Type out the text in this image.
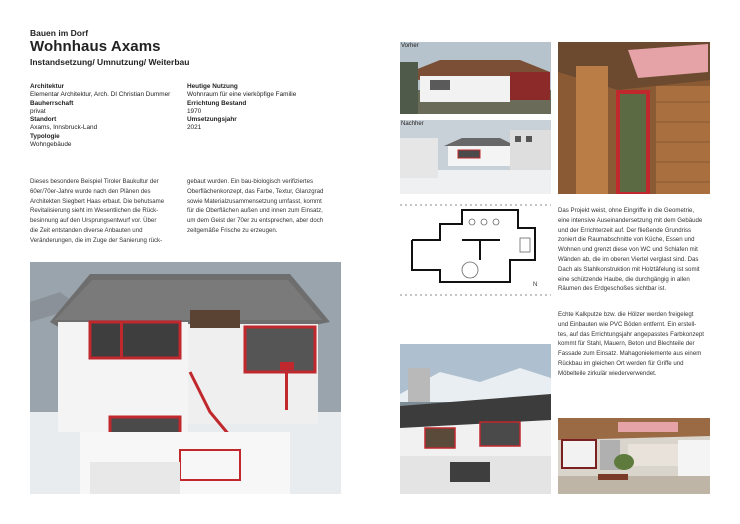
Bauen im Dorf
Wohnhaus Axams
Instandsetzung/ Umnutzung/ Weiterbau
Architektur
Elementar Architektur, Arch. DI Christian Dummer
Bauherrschaft
privat
Standort
Axams, Innsbruck-Land
Typologie
Wohngebäude
Heutige Nutzung
Wohnraum für eine vierköpfige Familie
Errichtung Bestand
1970
Umsetzungsjahr
2021
Dieses besondere Beispiel Tiroler Baukultur der
60er/70er-Jahre wurde nach den Plänen des
Architekten Siegbert Haas erbaut. Die behutsame
Revitalisierung sieht im Wesentlichen die Rück-
besinnung auf den Ursprungsentwurf vor. Über
die Zeit entstanden diverse Anbauten und
Veränderungen, die im Zuge der Sanierung rück-
gebaut wurden. Ein bau-biologisch verifiziertes
Oberflächenkonzept, das Farbe, Textur, Glanzgrad
sowie Materialzusammensetzung umfasst, kommt
für die Oberflächen außen und innen zum Einsatz,
um dem Geist der 70er zu entsprechen, aber doch
zeitgemäße Frische zu erzeugen.
Vorher
Nachher
N
Das Projekt weist, ohne Eingriffe in die Geometrie,
eine intensive Auseinandersetzung mit dem Gebäude
und der Errichterzeit auf. Der fließende Grundriss
zoniert die Raumabschnitte von Küche, Essen und
Wohnen und grenzt diese von WC und Schlafen mit
Wänden ab, die im oberen Viertel verglast sind. Das
Dach als Stahlkonstruktion mit Holztäfelung ist somit
eine schützende Haube, die durchgängig in allen
Räumen des Erdgeschoßes sichtbar ist.
Echte Kalkputze bzw. die Hölzer werden freigelegt
und Einbauten wie PVC Böden entfernt. Ein erstell-
tes, auf das Errichtungsjahr angepasstes Farbkonzept
kommt für Stahl, Mauern, Beton und Blechteile der
Fassade zum Einsatz. Mahagonielemente aus einem
Rückbau im gleichen Ort werden für Griffe und
Möbelteile zirkulär wiederverwendet.
